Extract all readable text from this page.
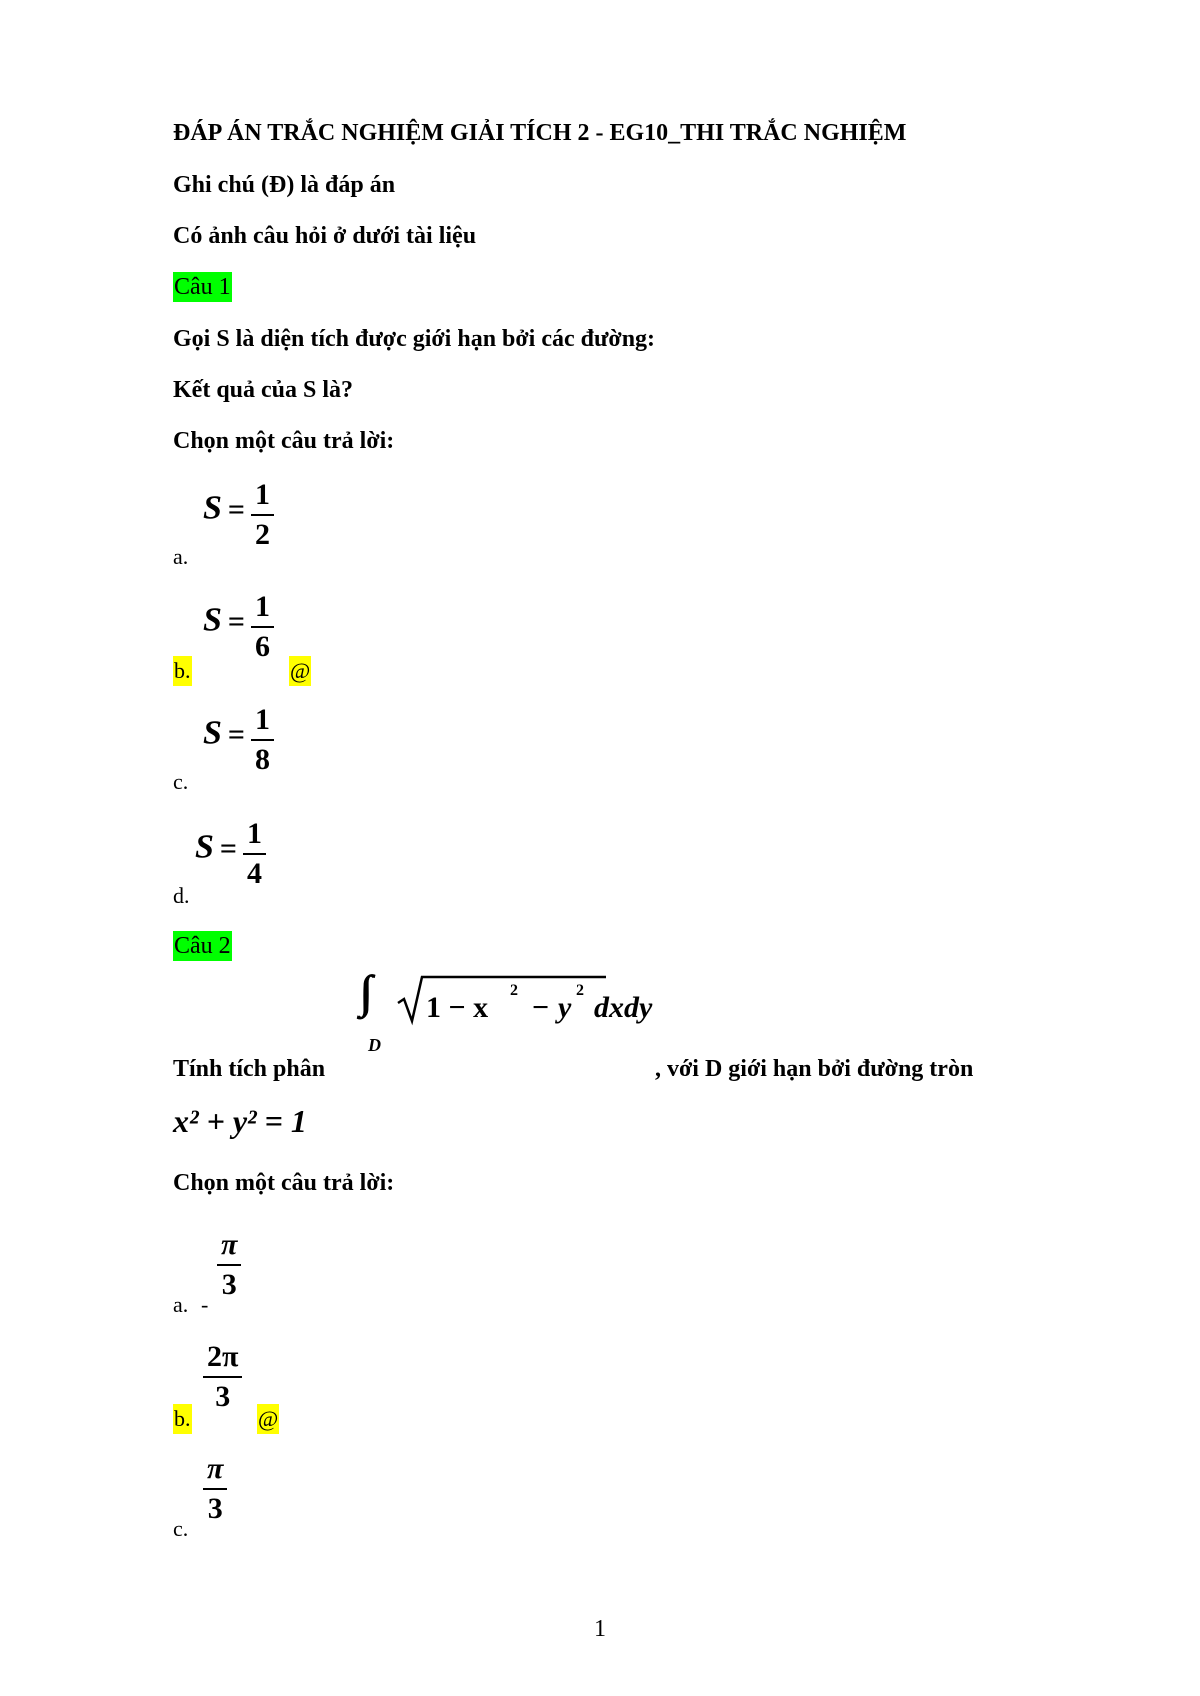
ĐÁP ÁN TRẮC NGHIỆM GIẢI TÍCH 2 - EG10_THI TRẮC NGHIỆM
Ghi chú (Đ) là đáp án
Có ảnh câu hỏi ở dưới tài liệu
Câu 1
Gọi S là diện tích được giới hạn bởi các đường:
Kết quả của S là?
Chọn một câu trả lời:
a.
$S = \frac{1}{2}$
b.
$S = \frac{1}{6}$
@
c.
$S = \frac{1}{8}$
d.
$S = \frac{1}{4}$
Câu 2
Tính tích phân
D
1 − x
2
− y
2
dxdy
, với D giới hạn bởi đường tròn
x² + y² = 1
Chọn một câu trả lời:
a. -
$\frac{\pi}{3}$
b.
$\frac{2\pi}{3}$
@
c.
$\frac{\pi}{3}$
1
